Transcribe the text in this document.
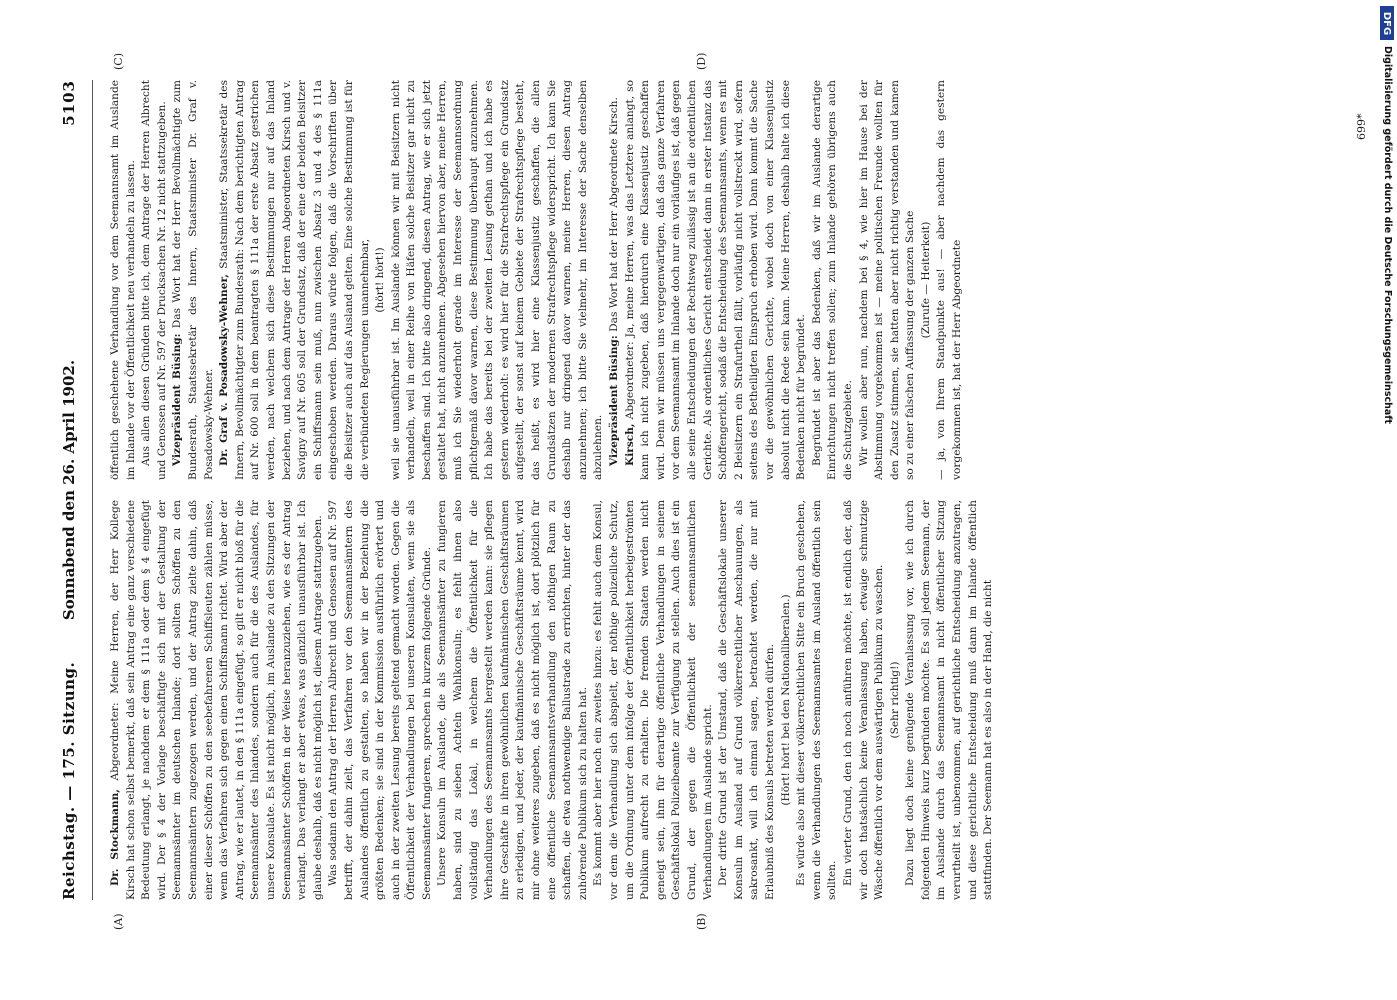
Reichstag. — 175. Sitzung.
Sonnabend den 26. April 1902.
5103
(A)	(B)
(C)	(D)

Dr. Stockmann, Abgeordneter: Meine Herren, der Herr Kollege Kirsch hat schon selbst bemerkt, daß sein Antrag eine ganz verschiedene Bedeutung erlangt, je nachdem er dem § 111a oder dem § 4 eingefügt wird. Der § 4 der Vorlage beschäftigte sich mit der Gestaltung der Seemannsämter im deutschen Inlande; dort sollten Schöffen zu den Seemannsämtern zugezogen werden, und der Antrag zielte dahin, daß einer dieser Schöffen zu den seebefahrenen Schiffsleuten zählen müsse, wenn das Verfahren sich gegen einen Schiffsmann richtet. Wird aber der Antrag, wie er lautet, in den § 111a eingefügt, so gilt er nicht bloß für die Seemannsämter des Inlandes, sondern auch für die des Auslandes, für unsere Konsulate. Es ist nicht möglich, im Auslande zu den Sitzungen der Seemannsämter Schöffen in der Weise heranzuziehen, wie es der Antrag verlangt. Das verlangt er aber etwas, was gänzlich unausführbar ist. Ich glaube deshalb, daß es nicht möglich ist, diesem Antrage stattzugeben. Was sodann den Antrag der Herren Albrecht und Genossen auf Nr. 597 betrifft, der dahin zielt, das Verfahren vor den Seemannsämtern des Auslandes öffentlich zu gestalten, so haben wir in der Beziehung die größten Bedenken; sie sind in der Kommission ausführlich erörtert und auch in der zweiten Lesung bereits geltend gemacht worden. Gegen die Öffentlichkeit der Verhandlungen bei unseren Konsulaten, wenn sie als Seemannsämter fungieren, sprechen in kurzem folgende Gründe. Unsere Konsuln im Auslande, die als Seemannsämter zu fungieren haben, sind zu sieben Achteln Wahlkonsuln; es fehlt ihnen also vollständig das Lokal, in welchem die Öffentlichkeit für die Verhandlungen des Seemannsamts hergestellt werden kann: sie pflegen ihre Geschäfte in ihren gewöhnlichen kaufmännischen Geschäftsräumen zu erledigen, und jeder, der kaufmännische Geschäftsräume kennt, wird mir ohne weiteres zugeben, daß es nicht möglich ist, dort plötzlich für eine öffentliche Seemannsamtsverhandlung den nöthigen Raum zu schaffen, die etwa nothwendige Ballustrade zu errichten, hinter der das zuhörende Publikum sich zu halten hat. Es kommt aber hier noch ein zweites hinzu: es fehlt auch dem Konsul, vor dem die Verhandlung sich abspielt, der nöthige polizeiliche Schutz, um die Ordnung unter dem infolge der Öffentlichkeit herbeigeströmten Publikum aufrecht zu erhalten. Die fremden Staaten werden nicht geneigt sein, ihm für derartige öffentliche Verhandlungen in seinem Geschäftslokal Polizeibeamte zur Verfügung zu stellen. Auch dies ist ein Grund, der gegen die Öffentlichkeit der seemannsamtlichen Verhandlungen im Auslande spricht. Der dritte Grund ist der Umstand, daß die Geschäftslokale unserer Konsuln im Ausland auf Grund völkerrechtlicher Anschauungen, als sakrosankt, will ich einmal sagen, betrachtet werden, die nur mit Erlaubniß des Konsuls betreten werden dürfen. (Hört! hört! bei den Nationalliberalen.) Es würde also mit dieser völkerrechtlichen Sitte ein Bruch geschehen, wenn die Verhandlungen des Seemannsamtes im Ausland öffentlich sein sollten. Ein vierter Grund, den ich noch anführen möchte, ist endlich der, daß wir doch thatsächlich keine Veranlassung haben, etwaige schmutzige Wäsche öffentlich vor dem auswärtigen Publikum zu waschen. (Sehr richtig!) Dazu liegt doch keine genügende Veranlassung vor, wie ich durch folgenden Hinweis kurz begründen möchte. Es soll jedem Seemann, der im Auslande durch das Seemannsamt in nicht öffentlicher Sitzung verurtheilt ist, unbenommen, auf gerichtliche Entscheidung anzutragen, und diese gerichtliche Entscheidung muß dann im Inlande öffentlich stattfinden. Der Seemann hat es also in der Hand, die nicht

öffentlich geschehene Verhandlung vor dem Seemannsamt im Auslande im Inlande vor der Öffentlichkeit neu verhandeln zu lassen. Aus allen diesen Gründen bitte ich, dem Antrage der Herren Albrecht und Genossen auf Nr. 597 der Drucksachen Nr. 12 nicht stattzugeben. Vizepräsident Büsing: Das Wort hat der Herr Bevollmächtigte zum Bundesrath, Staatssekretär des Innern, Staatsminister Dr. Graf v. Posadowsky-Wehner. Dr. Graf v. Posadowsky-Wehner, Staatsminister, Staatssekretär des Innern, Bevollmächtigter zum Bundesrath: Nach dem berichtigten Antrag auf Nr. 600 soll in dem beantragten § 111a der erste Absatz gestrichen werden, nach welchem sich diese Bestimmungen nur auf das Inland beziehen, und nach dem Antrage der Herren Abgeordneten Kirsch und v. Savigny auf Nr. 605 soll der Grundsatz, daß der eine der beiden Beisitzer ein Schiffsmann sein muß, nun zwischen Absatz 3 und 4 des § 111a eingeschoben werden. Daraus würde folgen, daß die Vorschriften über die Beisitzer auch auf das Ausland gelten. Eine solche Bestimmung ist für die verbündeten Regierungen unannehmbar, (hört! hört!) weil sie unausführbar ist. Im Auslande können wir mit Beisitzern nicht verhandeln, weil in einer Reihe von Häfen solche Beisitzer gar nicht zu beschaffen sind. Ich bitte also dringend, diesen Antrag, wie er sich jetzt gestaltet hat, nicht anzunehmen. Abgesehen hiervon aber, meine Herren, muß ich Sie wiederholt gerade im Interesse der Seemannsordnung pflichtgemäß davor warnen, diese Bestimmung überhaupt anzunehmen. Ich habe das bereits bei der zweiten Lesung gethan und ich habe es gestern wiederholt: es wird hier für die Strafrechtspflege ein Grundsatz aufgestellt, der sonst auf keinem Gebiete der Strafrechtspflege besteht, das heißt, es wird hier eine Klassenjustiz geschaffen, die allen Grundsätzen der modernen Strafrechtspflege widerspricht. Ich kann Sie deshalb nur dringend davor warnen, meine Herren, diesen Antrag anzunehmen; ich bitte Sie vielmehr, im Interesse der Sache denselben abzulehnen. Vizepräsident Büsing: Das Wort hat der Herr Abgeordnete Kirsch.

Kirsch, Abgeordneter: Ja, meine Herren, was das Letztere anlangt, so kann ich nicht zugeben, daß hierdurch eine Klassenjustiz geschaffen wird. Denn wir müssen uns vergegenwärtigen, daß das ganze Verfahren vor dem Seemannsamt im Inlande doch nur ein vorläufiges ist, daß gegen alle seine Entscheidungen der Rechtsweg zulässig ist an die ordentlichen Gerichte. Als ordentliches Gericht entscheidet dann in erster Instanz das Schöffengericht, sodaß die Entscheidung des Seemannsamts, wenn es mit 2 Beisitzern ein Strafurtheil fällt, vorläufig nicht vollstreckt wird, sofern seitens des Betheiligten Einspruch erhoben wird. Dann kommt die Sache vor die gewöhnlichen Gerichte, wobei doch von einer Klassenjustiz absolut nicht die Rede sein kann. Meine Herren, deshalb halte ich diese Bedenken nicht für begründet. Begründet ist aber das Bedenken, daß wir im Auslande derartige Einrichtungen nicht treffen sollen; zum Inlande gehören übrigens auch die Schutzgebiete. Wir wollen aber nun, nachdem bei § 4, wie hier im Hause bei der Abstimmung vorgekommen ist — meine politischen Freunde wollten für den Zusatz stimmen, sie hatten aber nicht richtig verstanden und kamen so zu einer falschen Auffassung der ganzen Sache (Zurufe — Heiterkeit) — ja, von Ihrem Standpunkte aus! — aber nachdem das gestern vorgekommen ist, hat der Herr Abgeordnete

699*
DFG
Digitalisierung gefördert durch die Deutsche Forschungsgemeinschaft
